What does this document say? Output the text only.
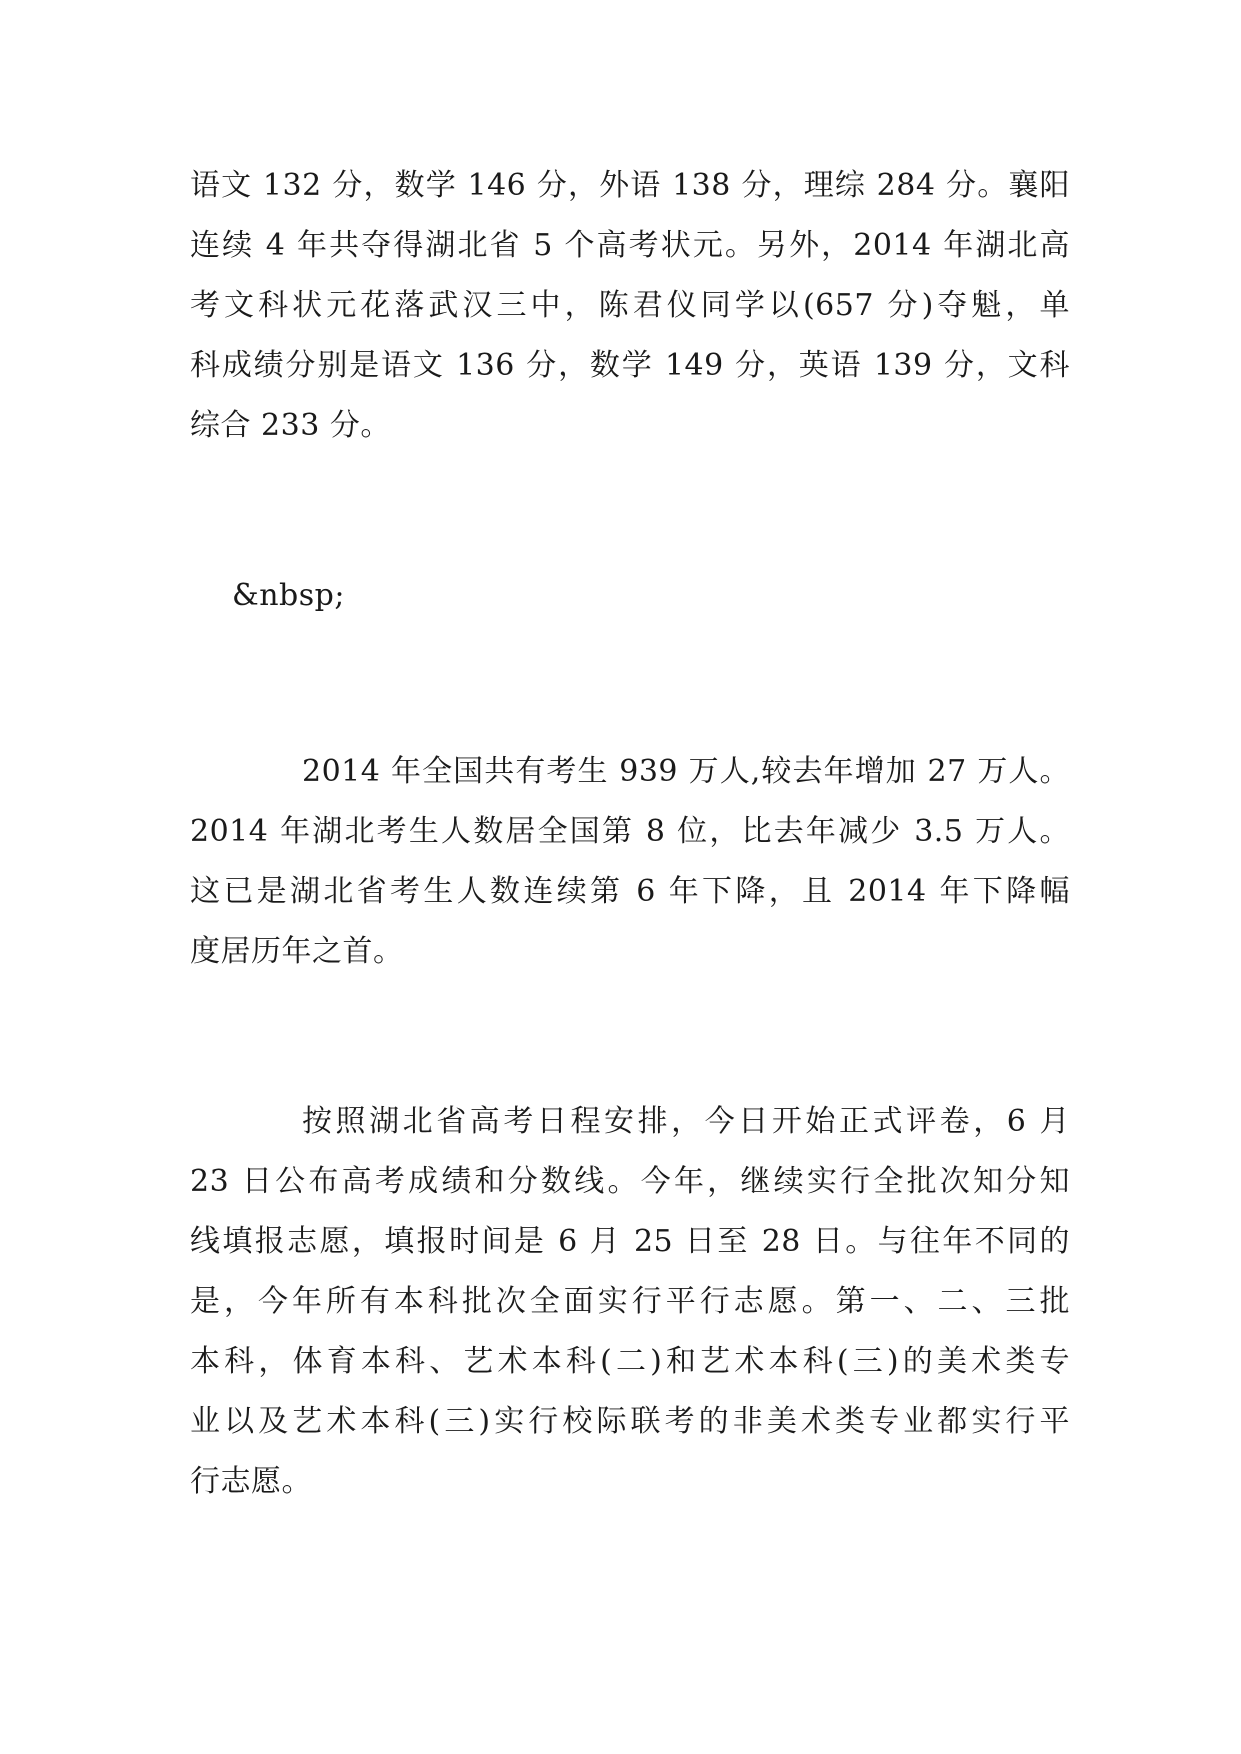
语文 132 分，数学 146 分，外语 138 分，理综 284 分。襄阳
连续 4 年共夺得湖北省 5 个高考状元。另外，2014 年湖北高
考文科状元花落武汉三中，陈君仪同学以(657 分)夺魁，单
科成绩分别是语文 136 分，数学 149 分，英语 139 分，文科
综合 233 分。
&nbsp;
2014 年全国共有考生 939 万人,较去年增加 27 万人。
2014 年湖北考生人数居全国第 8 位，比去年减少 3.5 万人。
这已是湖北省考生人数连续第 6 年下降，且 2014 年下降幅
度居历年之首。
按照湖北省高考日程安排，今日开始正式评卷，6 月
23 日公布高考成绩和分数线。今年，继续实行全批次知分知
线填报志愿，填报时间是 6 月 25 日至 28 日。与往年不同的
是，今年所有本科批次全面实行平行志愿。第一、二、三批
本科，体育本科、艺术本科(二)和艺术本科(三)的美术类专
业以及艺术本科(三)实行校际联考的非美术类专业都实行平
行志愿。
